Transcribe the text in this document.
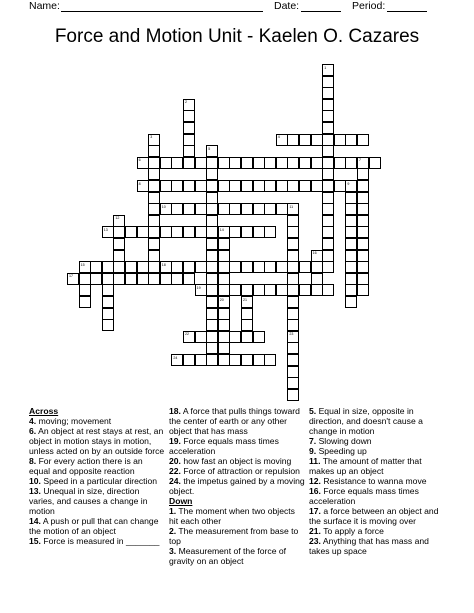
Name:	Date:	Period:
Force and Motion Unit - Kaelen O. Cazares
4
6	7
8	9
10	11
13	14
15	18
17
19
22
24
1
2
3
5
23
12
20	21
16
Across
4. moving; movement
6. An object at rest stays at rest, an object in motion stays in motion, unless acted on by an outside force
8. For every action there is an equal and opposite reaction
10. Speed in a particular direction
13. Unequal in size, direction varies, and causes a change in motion
14. A push or pull that can change the motion of an object
15. Force is measured in _______
18. A force that pulls things toward the center of earth or any other object that has mass
19. Force equals mass times acceleration
20. how fast an object is moving
22. Force of attraction or repulsion
24. the impetus gained by a moving object.
Down
1. The moment when two objects hit each other
2. The measurement from base to top
3. Measurement of the force of gravity on an object
5. Equal in size, opposite in direction, and doesn't cause a change in motion
7. Slowing down
9. Speeding up
11. The amount of matter that makes up an object
12. Resistance to wanna move
16. Force equals mass times acceleration
17. a force between an object and the surface it is moving over
21. To apply a force
23. Anything that has mass and takes up space
